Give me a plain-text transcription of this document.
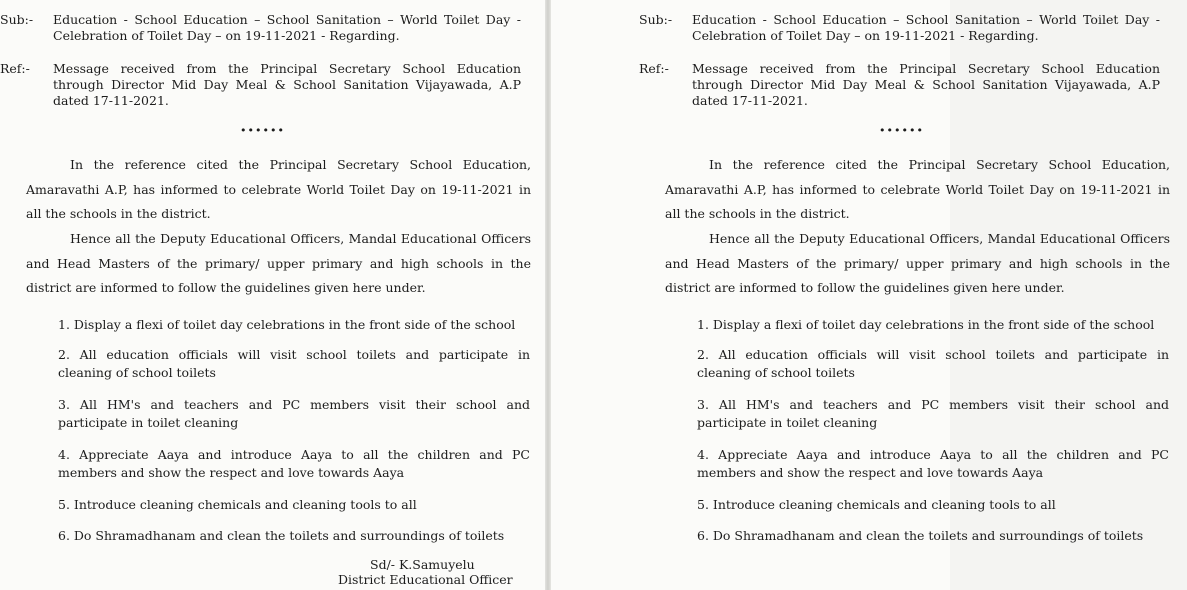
Sub:- Education - School Education – School Sanitation – World Toilet Day -
Celebration of Toilet Day – on 19-11-2021 - Regarding.
Ref:- Message received from the Principal Secretary School Education
through Director Mid Day Meal & School Sanitation Vijayawada, A.P
dated 17-11-2021.
••••••
In the reference cited the Principal Secretary School Education,
Amaravathi A.P, has informed to celebrate World Toilet Day on 19-11-2021 in
all the schools in the district.
Hence all the Deputy Educational Officers, Mandal Educational Officers
and Head Masters of the primary/ upper primary and high schools in the
district are informed to follow the guidelines given here under.
1. Display a flexi of toilet day celebrations in the front side of the school
2. All education officials will visit school toilets and participate in
cleaning of school toilets
3. All HM's and teachers and PC members visit their school and
participate in toilet cleaning
4. Appreciate Aaya and introduce Aaya to all the children and PC
members and show the respect and love towards Aaya
5. Introduce cleaning chemicals and cleaning tools to all
6. Do Shramadhanam and clean the toilets and surroundings of toilets
Sd/- K.Samuyelu
District Educational Officer
Sub:- Education - School Education – School Sanitation – World Toilet Day -
Celebration of Toilet Day – on 19-11-2021 - Regarding.
Ref:- Message received from the Principal Secretary School Education
through Director Mid Day Meal & School Sanitation Vijayawada, A.P
dated 17-11-2021.
••••••
In the reference cited the Principal Secretary School Education,
Amaravathi A.P, has informed to celebrate World Toilet Day on 19-11-2021 in
all the schools in the district.
Hence all the Deputy Educational Officers, Mandal Educational Officers
and Head Masters of the primary/ upper primary and high schools in the
district are informed to follow the guidelines given here under.
1. Display a flexi of toilet day celebrations in the front side of the school
2. All education officials will visit school toilets and participate in
cleaning of school toilets
3. All HM's and teachers and PC members visit their school and
participate in toilet cleaning
4. Appreciate Aaya and introduce Aaya to all the children and PC
members and show the respect and love towards Aaya
5. Introduce cleaning chemicals and cleaning tools to all
6. Do Shramadhanam and clean the toilets and surroundings of toilets
